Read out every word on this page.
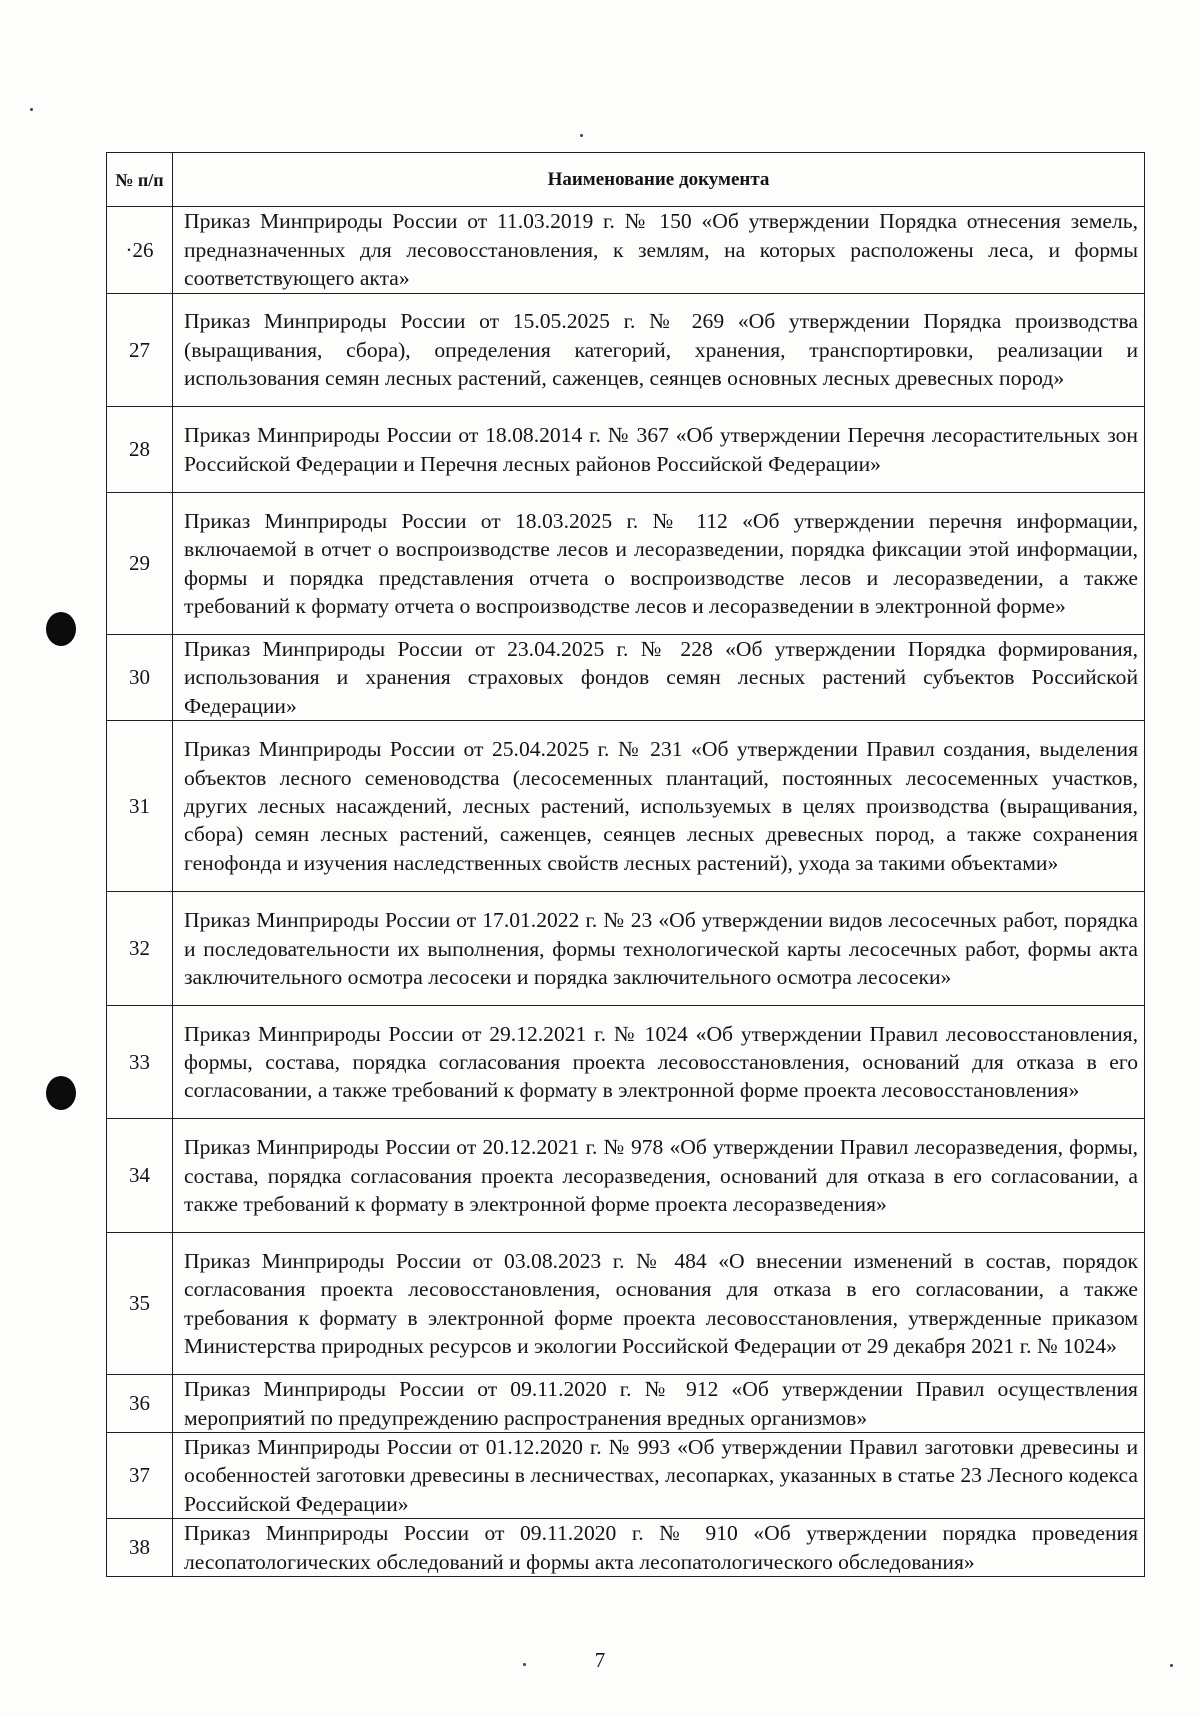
№ п/п	Наименование документа
·26	Приказ Минприроды России от 11.03.2019 г. № 150 «Об утверждении Порядка отнесения земель, предназначенных для лесовосстановления, к землям, на которых расположены леса, и формы соответствующего акта»
27	Приказ Минприроды России от 15.05.2025 г. № 269 «Об утверждении Порядка производства (выращивания, сбора), определения категорий, хранения, транспортировки, реализации и использования семян лесных растений, саженцев, сеянцев основных лесных древесных пород»
28	Приказ Минприроды России от 18.08.2014 г. № 367 «Об утверждении Перечня лесорастительных зон Российской Федерации и Перечня лесных районов Российской Федерации»
29	Приказ Минприроды России от 18.03.2025 г. № 112 «Об утверждении перечня информации, включаемой в отчет о воспроизводстве лесов и лесоразведении, порядка фиксации этой информации, формы и порядка представления отчета о воспроизводстве лесов и лесоразведении, а также требований к формату отчета о воспроизводстве лесов и лесоразведении в электронной форме»
30	Приказ Минприроды России от 23.04.2025 г. № 228 «Об утверждении Порядка формирования, использования и хранения страховых фондов семян лесных растений субъектов Российской Федерации»
31	Приказ Минприроды России от 25.04.2025 г. № 231 «Об утверждении Правил создания, выделения объектов лесного семеноводства (лесосеменных плантаций, постоянных лесосеменных участков, других лесных насаждений, лесных растений, используемых в целях производства (выращивания, сбора) семян лесных растений, саженцев, сеянцев лесных древесных пород, а также сохранения генофонда и изучения наследственных свойств лесных растений), ухода за такими объектами»
32	Приказ Минприроды России от 17.01.2022 г. № 23 «Об утверждении видов лесосечных работ, порядка и последовательности их выполнения, формы технологической карты лесосечных работ, формы акта заключительного осмотра лесосеки и порядка заключительного осмотра лесосеки»
33	Приказ Минприроды России от 29.12.2021 г. № 1024 «Об утверждении Правил лесовосстановления, формы, состава, порядка согласования проекта лесовосстановления, оснований для отказа в его согласовании, а также требований к формату в электронной форме проекта лесовосстановления»
34	Приказ Минприроды России от 20.12.2021 г. № 978 «Об утверждении Правил лесоразведения, формы, состава, порядка согласования проекта лесоразведения, оснований для отказа в его согласовании, а также требований к формату в электронной форме проекта лесоразведения»
35	Приказ Минприроды России от 03.08.2023 г. № 484 «О внесении изменений в состав, порядок согласования проекта лесовосстановления, основания для отказа в его согласовании, а также требования к формату в электронной форме проекта лесовосстановления, утвержденные приказом Министерства природных ресурсов и экологии Российской Федерации от 29 декабря 2021 г. № 1024»
36	Приказ Минприроды России от 09.11.2020 г. № 912 «Об утверждении Правил осуществления мероприятий по предупреждению распространения вредных организмов»
37	Приказ Минприроды России от 01.12.2020 г. № 993 «Об утверждении Правил заготовки древесины и особенностей заготовки древесины в лесничествах, лесопарках, указанных в статье 23 Лесного кодекса Российской Федерации»
38	Приказ Минприроды России от 09.11.2020 г. № 910 «Об утверждении порядка проведения лесопатологических обследований и формы акта лесопатологического обследования»
7
